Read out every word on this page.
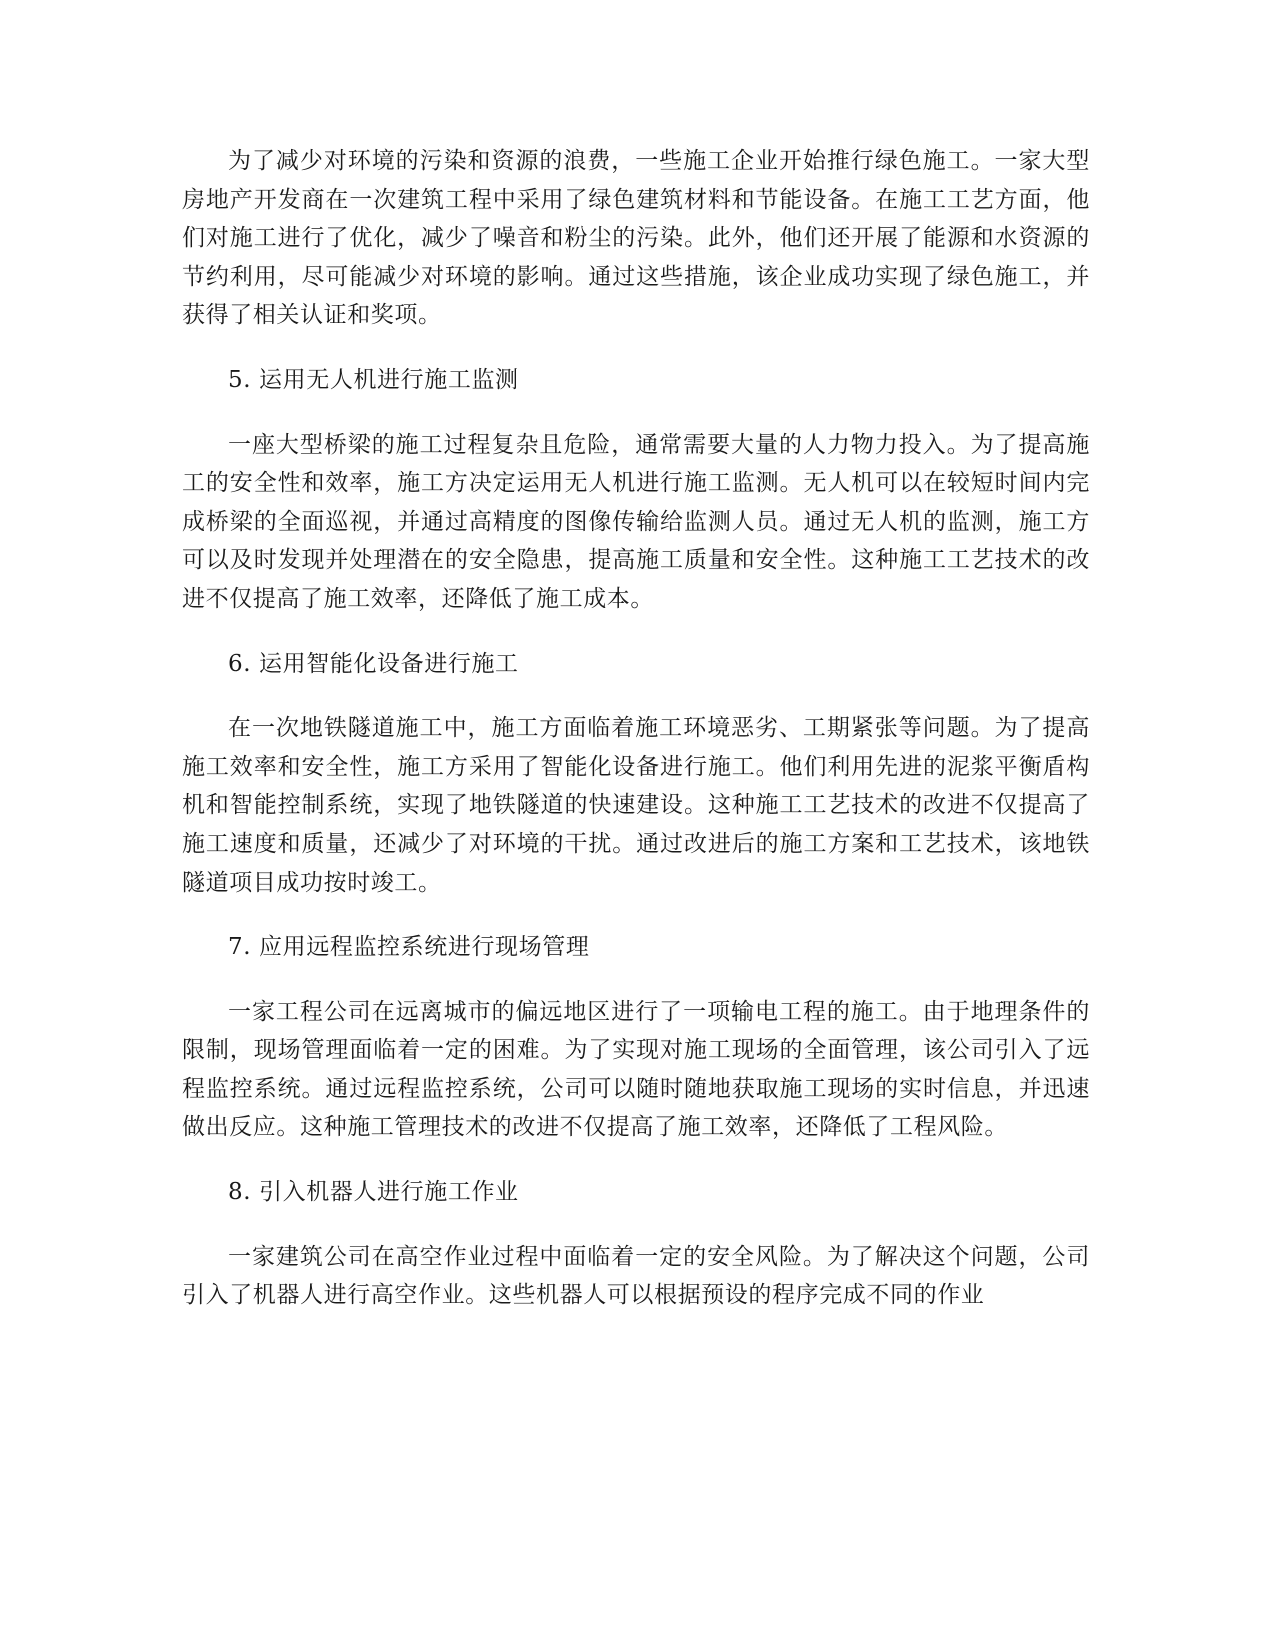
为了减少对环境的污染和资源的浪费，一些施工企业开始推行绿色施工。一家大型房地产开发商在一次建筑工程中采用了绿色建筑材料和节能设备。在施工工艺方面，他们对施工进行了优化，减少了噪音和粉尘的污染。此外，他们还开展了能源和水资源的节约利用，尽可能减少对环境的影响。通过这些措施，该企业成功实现了绿色施工，并获得了相关认证和奖项。

5. 运用无人机进行施工监测

一座大型桥梁的施工过程复杂且危险，通常需要大量的人力物力投入。为了提高施工的安全性和效率，施工方决定运用无人机进行施工监测。无人机可以在较短时间内完成桥梁的全面巡视，并通过高精度的图像传输给监测人员。通过无人机的监测，施工方可以及时发现并处理潜在的安全隐患，提高施工质量和安全性。这种施工工艺技术的改进不仅提高了施工效率，还降低了施工成本。

6. 运用智能化设备进行施工

在一次地铁隧道施工中，施工方面临着施工环境恶劣、工期紧张等问题。为了提高施工效率和安全性，施工方采用了智能化设备进行施工。他们利用先进的泥浆平衡盾构机和智能控制系统，实现了地铁隧道的快速建设。这种施工工艺技术的改进不仅提高了施工速度和质量，还减少了对环境的干扰。通过改进后的施工方案和工艺技术，该地铁隧道项目成功按时竣工。

7. 应用远程监控系统进行现场管理

一家工程公司在远离城市的偏远地区进行了一项输电工程的施工。由于地理条件的限制，现场管理面临着一定的困难。为了实现对施工现场的全面管理，该公司引入了远程监控系统。通过远程监控系统，公司可以随时随地获取施工现场的实时信息，并迅速做出反应。这种施工管理技术的改进不仅提高了施工效率，还降低了工程风险。

8. 引入机器人进行施工作业

一家建筑公司在高空作业过程中面临着一定的安全风险。为了解决这个问题，公司引入了机器人进行高空作业。这些机器人可以根据预设的程序完成不同的作业
